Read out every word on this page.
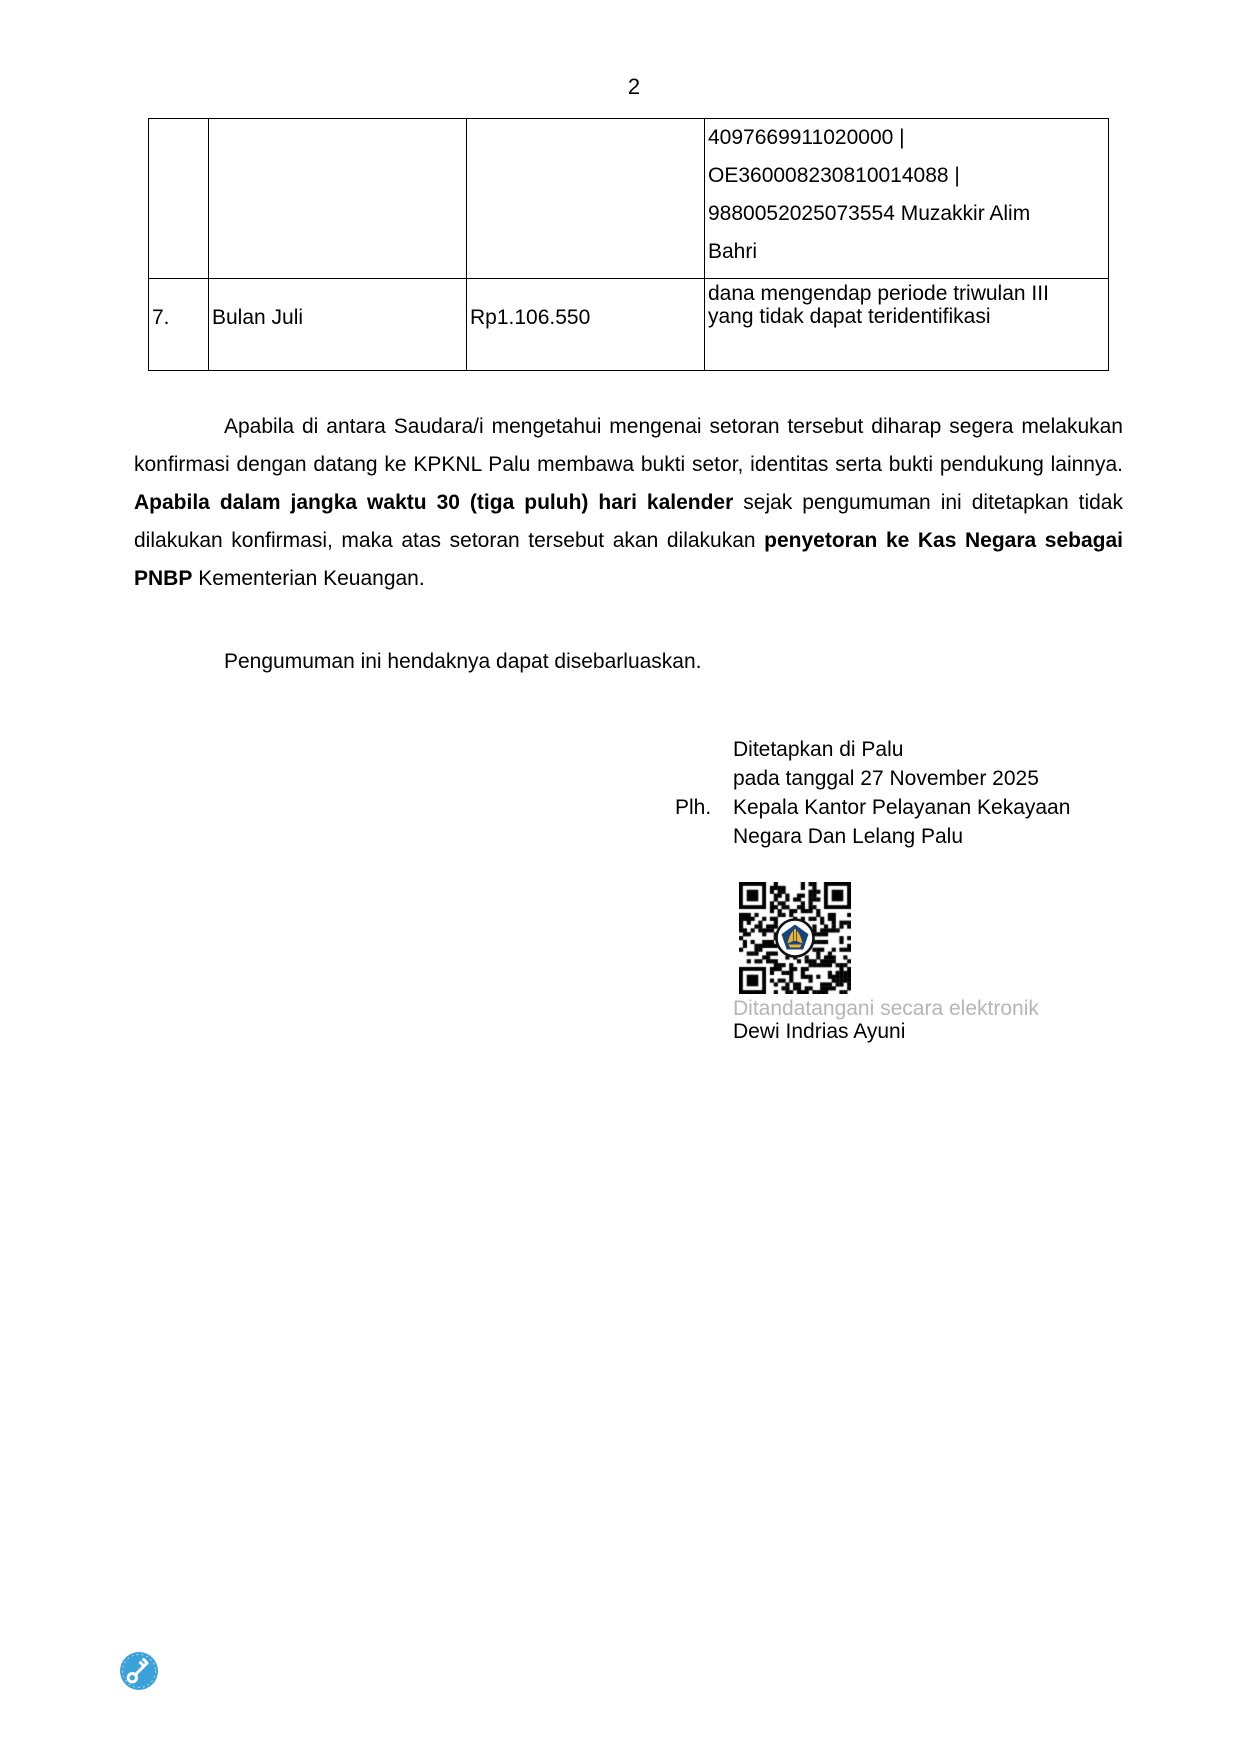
2

			4097669911020000 |
OE360008230810014088 |
9880052025073554 Muzakkir Alim
Bahri

7.	Bulan Juli	Rp1.106.550	dana mengendap periode triwulan III
yang tidak dapat teridentifikasi
Apabila di antara Saudara/i mengetahui mengenai setoran tersebut diharap segera melakukan konfirmasi dengan datang ke KPKNL Palu membawa bukti setor, identitas serta bukti pendukung lainnya. Apabila dalam jangka waktu 30 (tiga puluh) hari kalender sejak pengumuman ini ditetapkan tidak dilakukan konfirmasi, maka atas setoran tersebut akan dilakukan penyetoran ke Kas Negara sebagai PNBP Kementerian Keuangan.
Pengumuman ini hendaknya dapat disebarluaskan.
Ditetapkan di Palu
pada tanggal 27 November 2025
Plh.	Kepala Kantor Pelayanan Kekayaan
Negara Dan Lelang Palu
Ditandatangani secara elektronik
Dewi Indrias Ayuni
